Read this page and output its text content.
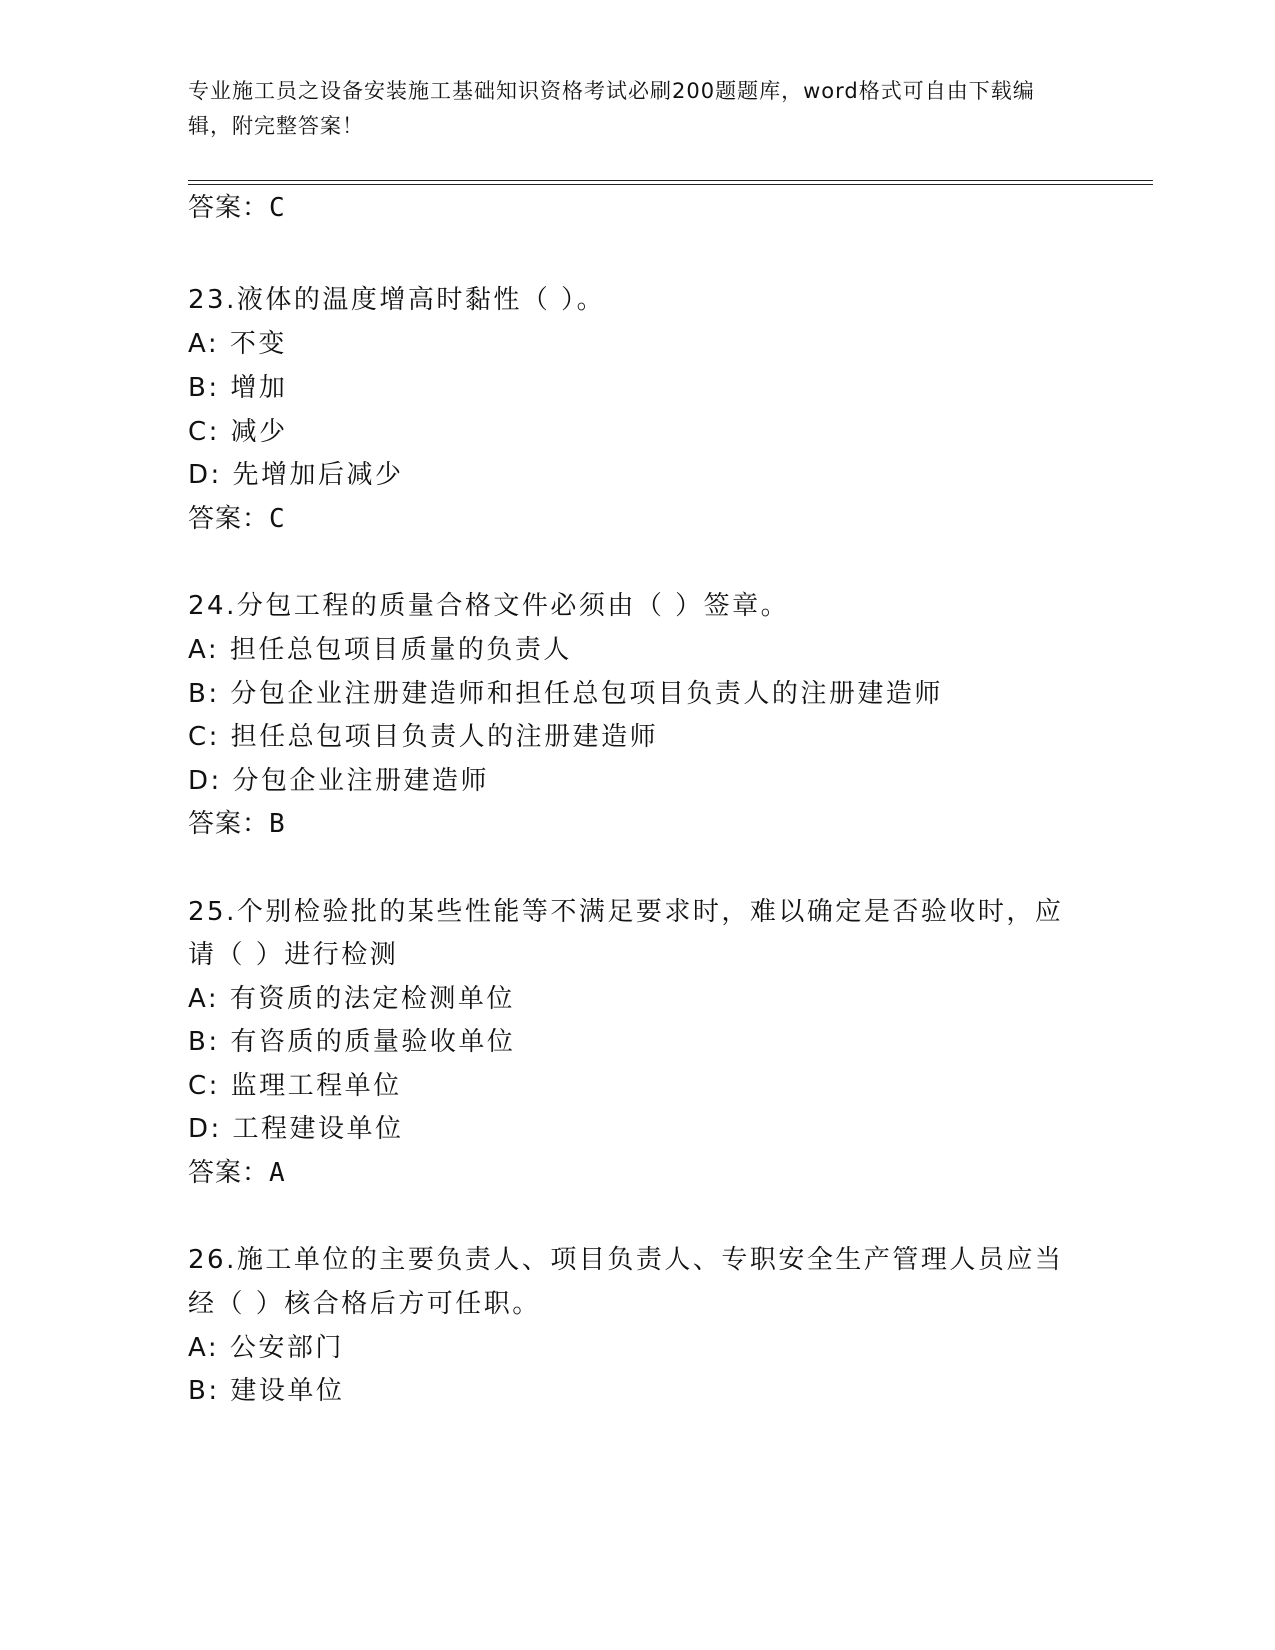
专业施工员之设备安装施工基础知识资格考试必刷200题题库，word格式可自由下载编辑，附完整答案！
答案：C
23.液体的温度增高时黏性（ ）。
A: 不变
B: 增加
C: 减少
D: 先增加后减少
答案：C
24.分包工程的质量合格文件必须由（ ）签章。
A: 担任总包项目质量的负责人
B: 分包企业注册建造师和担任总包项目负责人的注册建造师
C: 担任总包项目负责人的注册建造师
D: 分包企业注册建造师
答案：B
25.个别检验批的某些性能等不满足要求时，难以确定是否验收时，应
请（ ）进行检测
A: 有资质的法定检测单位
B: 有咨质的质量验收单位
C: 监理工程单位
D: 工程建设单位
答案：A
26.施工单位的主要负责人、项目负责人、专职安全生产管理人员应当
经（ ）核合格后方可任职。
A: 公安部门
B: 建设单位
